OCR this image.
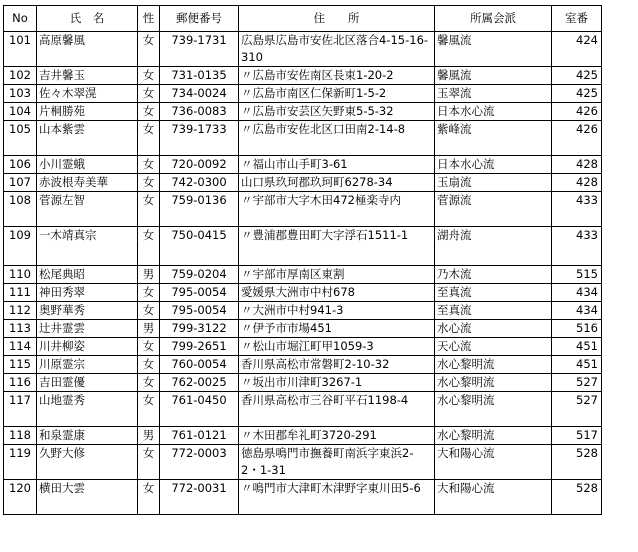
No	氏　名	性	郵便番号	住　　所	所属会派	室番
101	高原馨風	女	739-1731	広島県広島市安佐北区落合4-15-16-310	馨風流	424
102	吉井馨玉	女	731-0135	〃広島市安佐南区長束1-20-2	馨風流	425
103	佐々木翠滉	女	734-0024	〃広島市南区仁保新町1-5-2	玉翠流	425
104	片桐勝苑	女	736-0083	〃広島市安芸区矢野東5-5-32	日本水心流	426
105	山本紫雲	女	739-1733	〃広島市安佐北区口田南2-14-8	紫峰流	426
106	小川霊蛾	女	720-0092	〃福山市山手町3-61	日本水心流	428
107	赤波根寿美華	女	742-0300	山口県玖珂郡玖珂町6278-34	玉扇流	428
108	菅源左智	女	759-0136	〃宇部市大字木田472極楽寺内	菅源流	433
109	一木靖真宗	女	750-0415	〃豊浦郡豊田町大字浮石1511-1	湖舟流	433
110	松尾典昭	男	759-0204	〃宇部市厚南区東割	乃木流	515
111	神田秀翠	女	795-0054	愛媛県大洲市中村678	至真流	434
112	奥野華秀	女	795-0054	〃大洲市中村941-3	至真流	434
113	辻井霊雲	男	799-3122	〃伊予市市場451	水心流	516
114	川井柳姿	女	799-2651	〃松山市堀江町甲1059-3	天心流	451
115	川原霊宗	女	760-0054	香川県高松市常磐町2-10-32	水心黎明流	451
116	吉田霊優	女	762-0025	〃坂出市川津町3267-1	水心黎明流	527
117	山地霊秀	女	761-0450	香川県高松市三谷町平石1198-4	水心黎明流	527
118	和泉霊康	男	761-0121	〃木田郡牟礼町3720-291	水心黎明流	517
119	久野大修	女	772-0003	徳島県鳴門市撫養町南浜字東浜2-2・1-31	大和陽心流	528
120	横田大雲	女	772-0031	〃鳴門市大津町木津野字東川田5-6	大和陽心流	528
